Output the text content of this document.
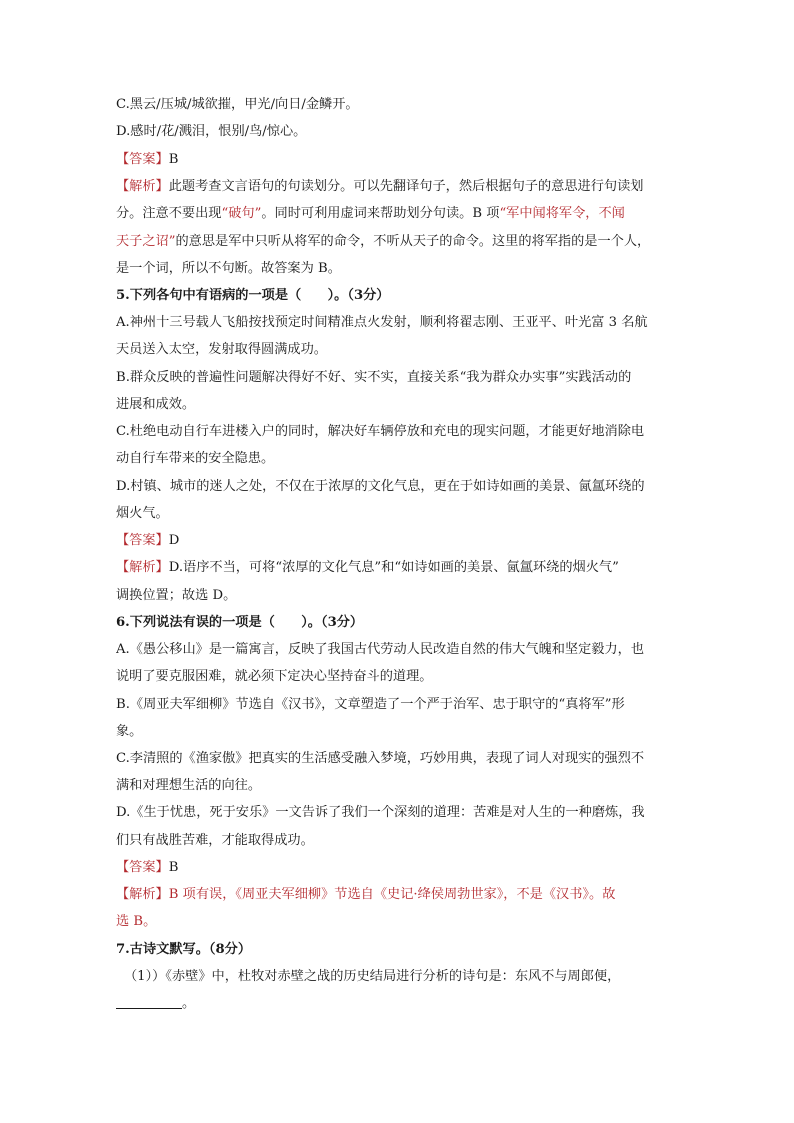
C.黑云/压城/城欲摧，甲光/向日/金鳞开。
D.感时/花/溅泪，恨别/鸟/惊心。
【答案】B
【解析】此题考查文言语句的句读划分。可以先翻译句子，然后根据句子的意思进行句读划
分。注意不要出现“破句”。同时可利用虚词来帮助划分句读。B 项“军中闻将军令，不闻
天子之诏”的意思是军中只听从将军的命令，不听从天子的命令。这里的将军指的是一个人，
是一个词，所以不句断。故答案为 B。
5.下列各句中有语病的一项是（　　）。（3分）
A.神州十三号载人飞船按找预定时间精准点火发射，顺利将翟志刚、王亚平、叶光富 3 名航
天员送入太空，发射取得圆满成功。
B.群众反映的普遍性问题解决得好不好、实不实，直接关系“我为群众办实事”实践活动的
进展和成效。
C.杜绝电动自行车进楼入户的同时，解决好车辆停放和充电的现实问题，才能更好地消除电
动自行车带来的安全隐患。
D.村镇、城市的迷人之处，不仅在于浓厚的文化气息，更在于如诗如画的美景、氤氲环绕的
烟火气。
【答案】D
【解析】D.语序不当，可将“浓厚的文化气息”和“如诗如画的美景、氤氲环绕的烟火气”
调换位置；故选 D。
6.下列说法有误的一项是（　　）。（3分）
A.《愚公移山》是一篇寓言，反映了我国古代劳动人民改造自然的伟大气魄和坚定毅力，也
说明了要克服困难，就必须下定决心坚持奋斗的道理。
B.《周亚夫军细柳》节选自《汉书》，文章塑造了一个严于治军、忠于职守的“真将军”形
象。
C.李清照的《渔家傲》把真实的生活感受融入梦境，巧妙用典，表现了词人对现实的强烈不
满和对理想生活的向往。
D.《生于忧患，死于安乐》一文告诉了我们一个深刻的道理：苦难是对人生的一种磨炼，我
们只有战胜苦难，才能取得成功。
【答案】B
【解析】B 项有误，《周亚夫军细柳》节选自《史记·绛侯周勃世家》，不是《汉书》。故
选 B。
7.古诗文默写。（8分）
（1））《赤壁》中，杜牧对赤壁之战的历史结局进行分析的诗句是：东风不与周郎便，
。
